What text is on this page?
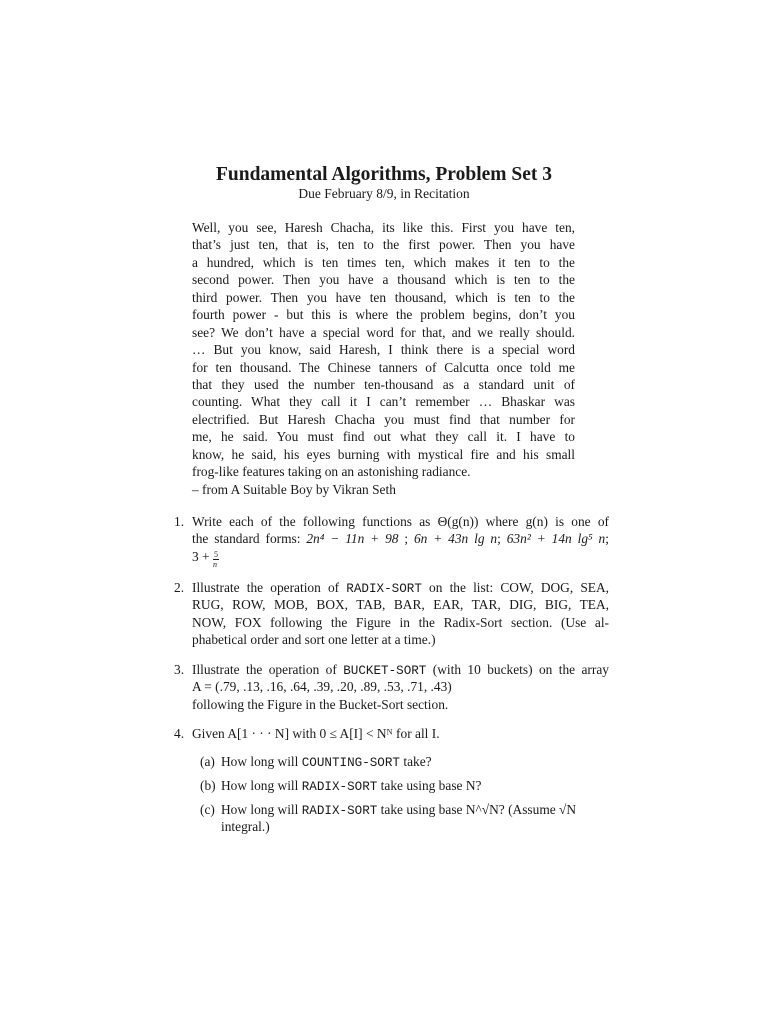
Fundamental Algorithms, Problem Set 3
Due February 8/9, in Recitation
Well, you see, Haresh Chacha, its like this. First you have ten,
that’s just ten, that is, ten to the first power. Then you have
a hundred, which is ten times ten, which makes it ten to the
second power. Then you have a thousand which is ten to the
third power. Then you have ten thousand, which is ten to the
fourth power - but this is where the problem begins, don’t you
see? We don’t have a special word for that, and we really should.
… But you know, said Haresh, I think there is a special word
for ten thousand. The Chinese tanners of Calcutta once told me
that they used the number ten-thousand as a standard unit of
counting. What they call it I can’t remember … Bhaskar was
electrified. But Haresh Chacha you must find that number for
me, he said. You must find out what they call it. I have to
know, he said, his eyes burning with mystical fire and his small
frog-like features taking on an astonishing radiance.
– from A Suitable Boy by Vikran Seth
1. Write each of the following functions as Θ(g(n)) where g(n) is one of
the standard forms: 2n⁴ − 11n + 98 ; 6n + 43n lg n; 63n² + 14n lg⁵ n;
$3 + \frac{5}{n}$
2. Illustrate the operation of RADIX-SORT on the list: COW, DOG, SEA,
RUG, ROW, MOB, BOX, TAB, BAR, EAR, TAR, DIG, BIG, TEA,
NOW, FOX following the Figure in the Radix-Sort section. (Use al-
phabetical order and sort one letter at a time.)
3. Illustrate the operation of BUCKET-SORT (with 10 buckets) on the array
A = (.79, .13, .16, .64, .39, .20, .89, .53, .71, .43)
following the Figure in the Bucket-Sort section.
4. Given A[1 · · · N] with 0 ≤ A[I] < Nᴺ for all I.
(a) How long will COUNTING-SORT take?
(b) How long will RADIX-SORT take using base N?
(c) How long will RADIX-SORT take using base N^√N? (Assume √N
integral.)
